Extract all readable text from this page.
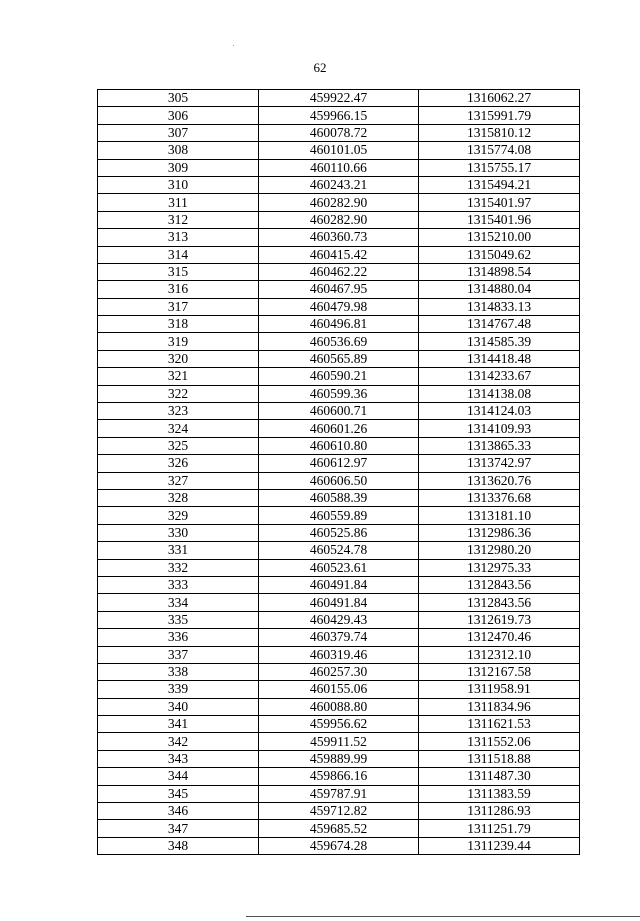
62
305	459922.47	1316062.27
306	459966.15	1315991.79
307	460078.72	1315810.12
308	460101.05	1315774.08
309	460110.66	1315755.17
310	460243.21	1315494.21
311	460282.90	1315401.97
312	460282.90	1315401.96
313	460360.73	1315210.00
314	460415.42	1315049.62
315	460462.22	1314898.54
316	460467.95	1314880.04
317	460479.98	1314833.13
318	460496.81	1314767.48
319	460536.69	1314585.39
320	460565.89	1314418.48
321	460590.21	1314233.67
322	460599.36	1314138.08
323	460600.71	1314124.03
324	460601.26	1314109.93
325	460610.80	1313865.33
326	460612.97	1313742.97
327	460606.50	1313620.76
328	460588.39	1313376.68
329	460559.89	1313181.10
330	460525.86	1312986.36
331	460524.78	1312980.20
332	460523.61	1312975.33
333	460491.84	1312843.56
334	460491.84	1312843.56
335	460429.43	1312619.73
336	460379.74	1312470.46
337	460319.46	1312312.10
338	460257.30	1312167.58
339	460155.06	1311958.91
340	460088.80	1311834.96
341	459956.62	1311621.53
342	459911.52	1311552.06
343	459889.99	1311518.88
344	459866.16	1311487.30
345	459787.91	1311383.59
346	459712.82	1311286.93
347	459685.52	1311251.79
348	459674.28	1311239.44
